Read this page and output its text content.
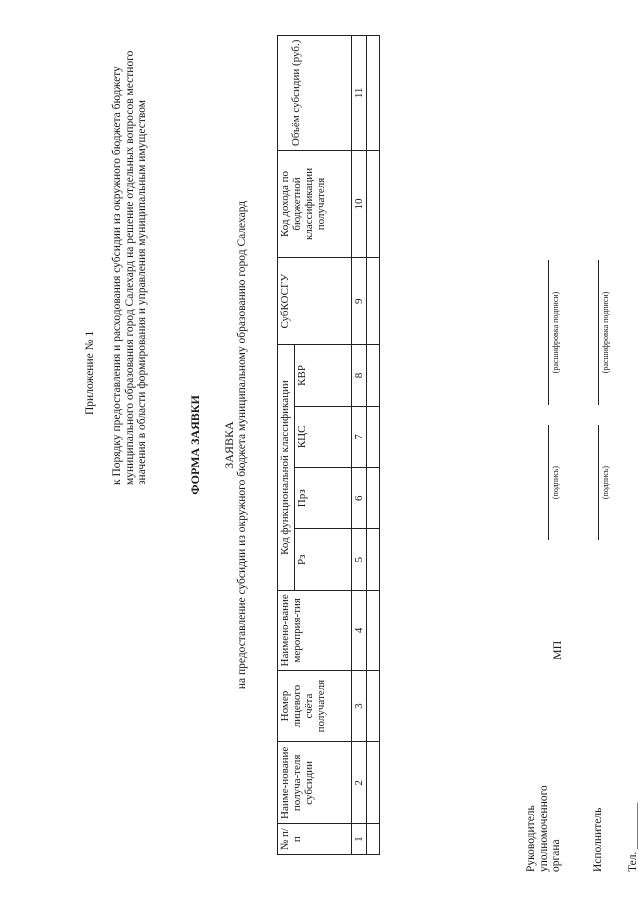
Приложение № 1 к Порядку предоставления и расходования субсидии из окружного бюджета бюджету муниципального образования город Салехард на решение отдельных вопросов местного значения в области формирования и управления муниципальным имуществом	ФОРМА ЗАЯВКИ ЗАЯВКА на предоставление субсидии из окружного бюджета муниципальному образованию город Салехард
№ п/п	Наиме-нование получа-теля субсидии	Номер лицевого счёта получателя	Наимено-вание мероприя-тия	Код функциональной классификации				СубКОСГУ	Код дохода по бюджетной классификации получателя	Объём субсидии (руб.)
				Рз	Прз	КЦС	КВР			
1	2	3	4	5	6	7	8	9	10	11

Руководитель уполномоченного органа
МП
(подпись)
(расшифровка подписи)
Исполнитель
(подпись)
(расшифровка подписи)
Тел. ________
